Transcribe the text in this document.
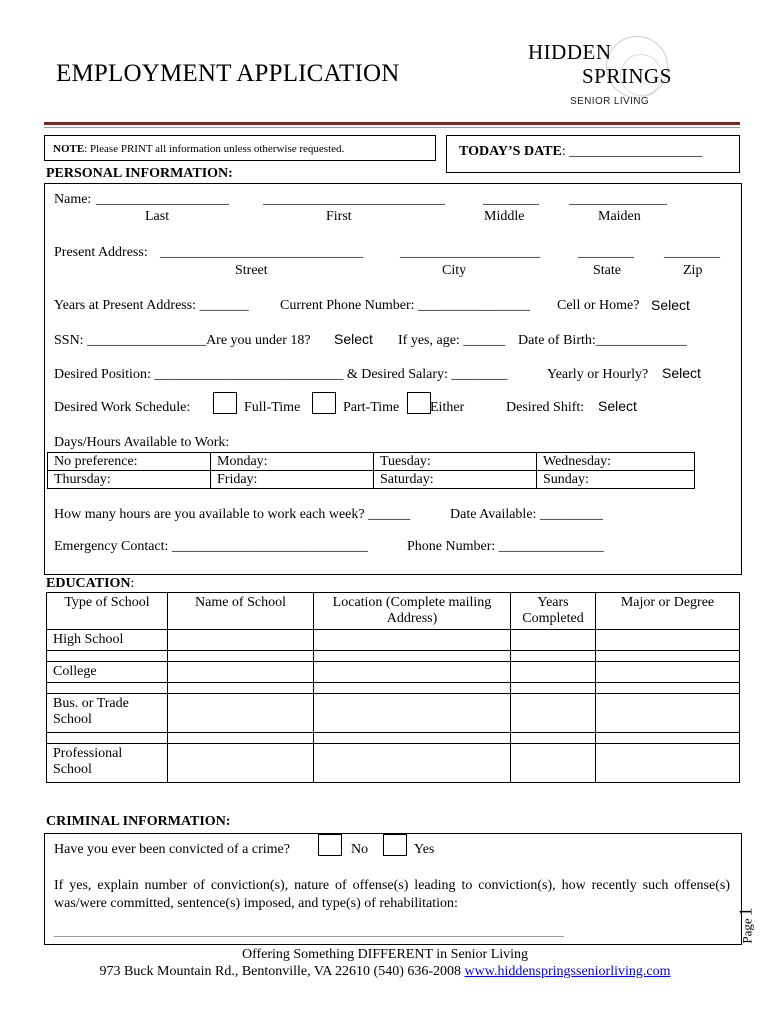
EMPLOYMENT APPLICATION
HIDDEN
SPRINGS
SENIOR LIVING
NOTE: Please PRINT all information unless otherwise requested.	TODAY’S DATE: ___________________
PERSONAL INFORMATION:
Name: ___________________ __________________________	________ ______________
Last	First	Middle	Maiden
Present Address: _____________________________	____________________	________ ________
Street	City	State	Zip
Years at Present Address: _______ Current Phone Number: ________________ Cell or Home? Select
SSN: _________________Are you under 18? Select If yes, age: ______ Date of Birth:_____________
Desired Position: ___________________________ & Desired Salary: ________	Yearly or Hourly? Select
Desired Work Schedule:	Full-Time	Part-Time Either	Desired Shift: Select
Days/Hours Available to Work:
No preference:	Monday:	Tuesday:	Wednesday:
Thursday:	Friday:	Saturday:	Sunday:
How many hours are you available to work each week? ______	Date Available: _________
Emergency Contact: ____________________________	Phone Number: _______________
EDUCATION:
Type of School	Name of School	Location (Complete mailing Address)	Years Completed	Major or Degree
High School				

College				

Bus. or Trade School				

Professional School				
CRIMINAL INFORMATION:
Have you ever been convicted of a crime?	No	Yes
If yes, explain number of conviction(s), nature of offense(s) leading to conviction(s), how recently such offense(s) was/were committed, sentence(s) imposed, and type(s) of rehabilitation:
_____________________________________________________________________________________	Page1
Offering Something DIFFERENT in Senior Living
973 Buck Mountain Rd., Bentonville, VA 22610 (540) 636-2008 www.hiddenspringsseniorliving.com
